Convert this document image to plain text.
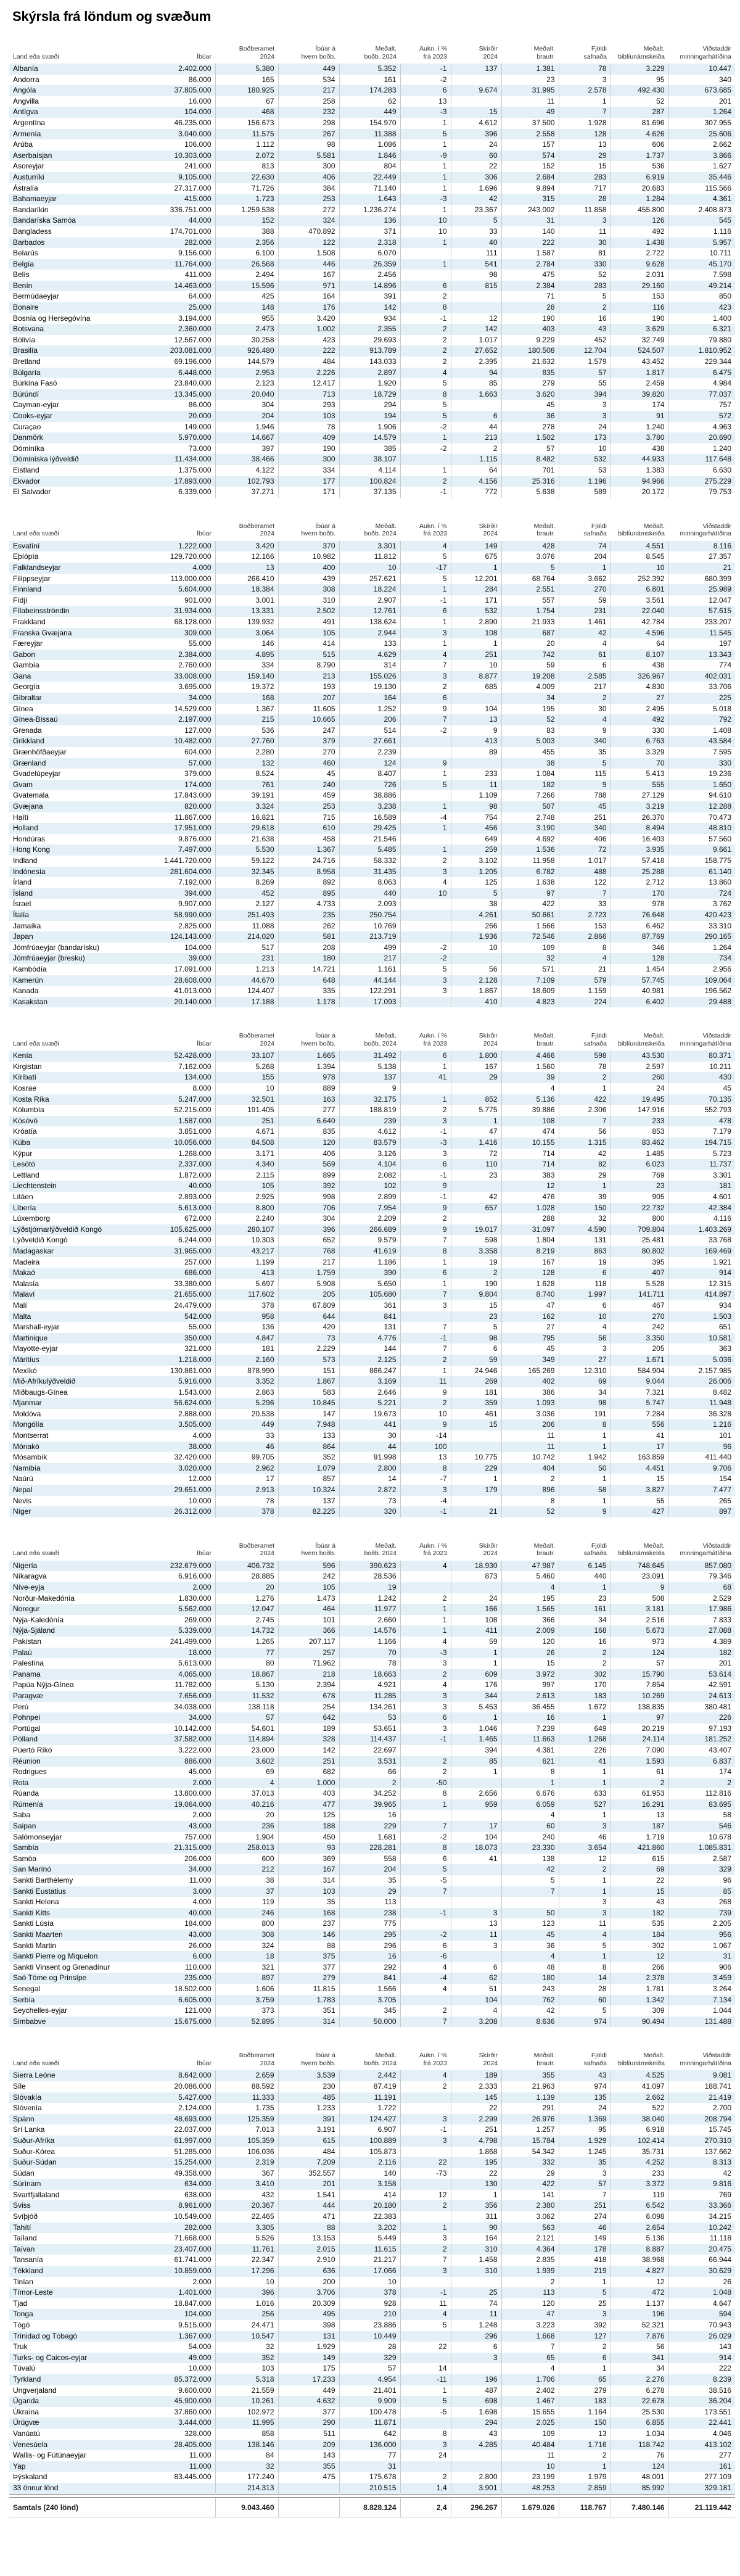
Skýrsla frá löndum og svæðum
Land eða svæði	Íbúar

Boðberamet
2024

Íbúar á
hvern boðb.

Meðalt.
boðb. 2024

Aukn. í %
frá 2023

Skírðir
2024

Meðalt.
brautr.

Fjöldi
safnaða

Meðalt.
biblíunámskeiða

Viðstaddir
minningarhátíðina

Albanía	2.402.000	5.380	449	5.352	-1	137	1.381	78	3.229	10.447
Andorra	86.000	165	534	161	-2		23	3	95	340
Angóla	37.805.000	180.925	217	174.283	6	9.674	31.995	2.578	492.430	673.685
Angvilla	16.000	67	258	62	13		11	1	52	201
Antígva	104.000	468	232	449	-3	15	49	7	287	1.264
Argentína	46.235.000	156.673	298	154.970	1	4.612	37.500	1.928	81.696	307.955
Armenía	3.040.000	11.575	267	11.388	5	396	2.558	128	4.626	25.606
Arúba	106.000	1.112	98	1.086	1	24	157	13	606	2.662
Aserbaísjan	10.303.000	2.072	5.581	1.846	-9	60	574	29	1.737	3.866
Asoreyjar	241.000	813	300	804	1	22	152	15	536	1.627
Austurríki	9.105.000	22.630	406	22.449	1	306	2.684	283	6.919	35.446
Ástralía	27.317.000	71.726	384	71.140	1	1.696	9.894	717	20.683	115.566
Bahamaeyjar	415.000	1.723	253	1.643	-3	42	315	28	1.284	4.361
Bandaríkin	336.751.000	1.259.538	272	1.236.274	1	23.367	243.002	11.858	455.800	2.408.873
Bandaríska Samóa	44.000	152	324	136	10	5	31	3	126	545
Bangladess	174.701.000	388	470.892	371	10	33	140	11	492	1.116
Barbados	282.000	2.356	122	2.318	1	40	222	30	1.438	5.957
Belarús	9.156.000	6.100	1.508	6.070		111	1.587	81	2.722	10.711
Belgía	11.764.000	26.568	446	26.359	1	541	2.784	330	9.628	45.170
Belís	411.000	2.494	167	2.456		98	475	52	2.031	7.598
Benín	14.463.000	15.596	971	14.896	6	815	2.384	283	29.160	49.214
Bermúdaeyjar	64.000	425	164	391	2		71	5	153	850
Bonaire	25.000	148	176	142	8		28	2	116	423
Bosnía og Hersegóvína	3.194.000	955	3.420	934	-1	12	190	16	190	1.400
Botsvana	2.360.000	2.473	1.002	2.355	2	142	403	43	3.629	6.321
Bólivía	12.567.000	30.258	423	29.693	2	1.017	9.229	452	32.749	79.880
Brasilía	203.081.000	926.480	222	913.789	2	27.652	180.508	12.704	524.507	1.810.952
Bretland	69.196.000	144.579	484	143.033	2	2.395	21.632	1.579	43.452	229.344
Búlgaría	6.448.000	2.953	2.226	2.897	4	94	835	57	1.817	6.475
Búrkína Fasó	23.840.000	2.123	12.417	1.920	5	85	279	55	2.459	4.984
Búrúndí	13.345.000	20.040	713	18.729	8	1.663	3.620	394	39.820	77.037
Cayman-eyjar	86.000	304	293	294	5		45	3	174	757
Cooks-eyjar	20.000	204	103	194	5	6	36	3	91	572
Curaçao	149.000	1.946	78	1.906	-2	44	278	24	1.240	4.963
Danmörk	5.970.000	14.667	409	14.579	1	213	1.502	173	3.780	20.690
Dóminíka	73.000	397	190	385	-2	2	57	10	438	1.240
Dóminíska lýðveldið	11.434.000	38.466	300	38.107		1.115	8.482	532	44.933	117.648
Eistland	1.375.000	4.122	334	4.114	1	64	701	53	1.383	6.630
Ekvador	17.893.000	102.793	177	100.824	2	4.156	25.316	1.196	94.966	275.229
El Salvador	6.339.000	37.271	171	37.135	-1	772	5.638	589	20.172	79.753
Land eða svæði	Íbúar

Boðberamet
2024

Íbúar á
hvern boðb.

Meðalt.
boðb. 2024

Aukn. í %
frá 2023

Skírðir
2024

Meðalt.
brautr.

Fjöldi
safnaða

Meðalt.
biblíunámskeiða

Viðstaddir
minningarhátíðina

Esvatíní	1.222.000	3.420	370	3.301	4	149	428	74	4.551	8.116
Eþíópía	129.720.000	12.166	10.982	11.812	5	675	3.076	204	8.545	27.357
Falklandseyjar	4.000	13	400	10	-17	1	5	1	10	21
Filippseyjar	113.000.000	266.410	439	257.621	5	12.201	68.764	3.662	252.392	680.399
Finnland	5.604.000	18.384	308	18.224	1	284	2.551	270	6.801	25.989
Fídjí	901.000	3.001	310	2.907	-1	171	557	59	3.561	12.047
Fílabeinsströndin	31.934.000	13.331	2.502	12.761	6	532	1.754	231	22.040	57.615
Frakkland	68.128.000	139.932	491	138.624	1	2.890	21.933	1.461	42.784	233.207
Franska Gvæjana	309.000	3.064	105	2.944	3	108	687	42	4.596	11.545
Færeyjar	55.000	146	414	133	1	1	20	4	64	197
Gabon	2.384.000	4.895	515	4.629	4	251	742	61	8.107	13.343
Gambía	2.760.000	334	8.790	314	7	10	59	6	438	774
Gana	33.008.000	159.140	213	155.026	3	8.877	19.208	2.585	326.967	402.031
Georgía	3.695.000	19.372	193	19.130	2	685	4.009	217	4.830	33.706
Gíbraltar	34.000	168	207	164	6		34	2	27	225
Gínea	14.529.000	1.367	11.605	1.252	9	104	195	30	2.495	5.018
Gínea-Bissaú	2.197.000	215	10.665	206	7	13	52	4	492	792
Grenada	127.000	536	247	514	-2	9	83	9	330	1.408
Grikkland	10.482.000	27.760	379	27.661		413	5.003	340	6.763	43.584
Grænhöfðaeyjar	604.000	2.280	270	2.239		89	455	35	3.329	7.595
Grænland	57.000	132	460	124	9		38	5	70	330
Gvadelúpeyjar	379.000	8.524	45	8.407	1	233	1.084	115	5.413	19.236
Gvam	174.000	761	240	726	5	11	182	9	555	1.650
Gvatemala	17.843.000	39.191	459	38.886		1.109	7.266	788	27.129	94.610
Gvæjana	820.000	3.324	253	3.238	1	98	507	45	3.219	12.288
Haítí	11.867.000	16.821	715	16.589	-4	754	2.748	251	26.370	70.473
Holland	17.951.000	29.618	610	29.425	1	456	3.190	340	8.494	48.810
Hondúras	9.876.000	21.638	458	21.546		649	4.692	406	16.403	57.560
Hong Kong	7.497.000	5.530	1.367	5.485	1	259	1.536	72	3.935	9.661
Indland	1.441.720.000	59.122	24.716	58.332	2	3.102	11.958	1.017	57.418	158.775
Indónesía	281.604.000	32.345	8.958	31.435	3	1.205	6.782	488	25.288	61.140
Írland	7.192.000	8.269	892	8.063	4	125	1.638	122	2.712	13.860
Ísland	394.000	452	895	440	10	5	97	7	170	724
Ísrael	9.907.000	2.127	4.733	2.093		38	422	33	978	3.762
Ítalía	58.990.000	251.493	235	250.754		4.261	50.661	2.723	76.648	420.423
Jamaíka	2.825.000	11.088	262	10.769		266	1.566	153	6.462	33.310
Japan	124.143.000	214.020	581	213.719		1.936	72.546	2.866	87.769	290.165
Jómfrúaeyjar (bandarísku)	104.000	517	208	499	-2	10	109	8	346	1.264
Jómfrúaeyjar (bresku)	39.000	231	180	217	-2		32	4	128	734
Kambódía	17.091.000	1.213	14.721	1.161	5	56	571	21	1.454	2.956
Kamerún	28.608.000	44.670	648	44.144	3	2.128	7.109	579	57.745	109.064
Kanada	41.013.000	124.407	335	122.291	3	1.867	18.609	1.159	40.981	196.562
Kasakstan	20.140.000	17.188	1.178	17.093		410	4.823	224	6.402	29.488
Land eða svæði	Íbúar

Boðberamet
2024

Íbúar á
hvern boðb.

Meðalt.
boðb. 2024

Aukn. í %
frá 2023

Skírðir
2024

Meðalt.
brautr.

Fjöldi
safnaða

Meðalt.
biblíunámskeiða

Viðstaddir
minningarhátíðina

Kenía	52.428.000	33.107	1.665	31.492	6	1.800	4.466	598	43.530	80.371
Kirgistan	7.162.000	5.268	1.394	5.138	1	167	1.560	78	2.597	10.211
Kíribatí	134.000	155	978	137	41	29	39	2	260	430
Kosrae	8.000	10	889	9			4	1	24	45
Kosta Ríka	5.247.000	32.501	163	32.175	1	852	5.136	422	19.495	70.135
Kólumbía	52.215.000	191.405	277	188.819	2	5.775	39.886	2.306	147.916	552.793
Kósóvó	1.587.000	251	6.640	239	3	1	108	7	233	478
Króatía	3.851.000	4.671	835	4.612	-1	47	474	56	853	7.179
Kúba	10.056.000	84.508	120	83.579	-3	1.416	10.155	1.315	83.462	194.715
Kýpur	1.268.000	3.171	406	3.126	3	72	714	42	1.485	5.723
Lesótó	2.337.000	4.340	569	4.104	6	110	714	82	6.023	11.737
Lettland	1.872.000	2.115	899	2.082	-1	23	383	29	769	3.301
Liechtenstein	40.000	105	392	102	9		12	1	23	181
Litáen	2.893.000	2.925	998	2.899	-1	42	476	39	905	4.601
Líbería	5.613.000	8.800	706	7.954	9	657	1.028	150	22.732	42.384
Lúxemborg	672.000	2.240	304	2.209	2		288	32	800	4.116
Lýðstjórnarlýðveldið Kongó	105.625.000	280.107	396	266.689	9	19.017	31.097	4.590	709.804	1.403.269
Lýðveldið Kongó	6.244.000	10.303	652	9.579	7	598	1.804	131	25.481	33.768
Madagaskar	31.965.000	43.217	768	41.619	8	3.358	8.219	863	80.802	169.469
Madeira	257.000	1.199	217	1.186	1	19	167	19	395	1.921
Makaó	686.000	413	1.759	390	6	2	128	6	407	914
Malasía	33.380.000	5.697	5.908	5.650	1	190	1.628	118	5.528	12.315
Malaví	21.655.000	117.602	205	105.680	7	9.804	8.740	1.997	141.711	414.897
Malí	24.479.000	378	67.809	361	3	15	47	6	467	934
Malta	542.000	958	644	841		23	162	10	270	1.503
Marshall-eyjar	55.000	136	420	131	7	5	27	4	242	651
Martinique	350.000	4.847	73	4.776	-1	98	795	56	3.350	10.581
Mayotte-eyjar	321.000	181	2.229	144	7	6	45	3	205	363
Máritíus	1.218.000	2.160	573	2.125	2	59	349	27	1.671	5.036
Mexíkó	130.861.000	878.990	151	866.247	1	24.946	165.269	12.310	584.904	2.157.985
Mið-Afríkulýðveldið	5.916.000	3.352	1.867	3.169	11	269	402	69	9.044	26.006
Miðbaugs-Gínea	1.543.000	2.863	583	2.646	9	181	386	34	7.321	8.482
Mjanmar	56.624.000	5.296	10.845	5.221	2	359	1.093	98	5.747	11.948
Moldóva	2.888.000	20.538	147	19.673	10	461	3.036	191	7.284	36.328
Mongólía	3.505.000	449	7.948	441	9	15	206	8	556	1.216
Montserrat	4.000	33	133	30	-14		11	1	41	101
Mónakó	38.000	46	864	44	100		11	1	17	96
Mósambík	32.420.000	99.705	352	91.998	13	10.775	10.742	1.942	163.859	411.440
Namibía	3.020.000	2.962	1.079	2.800	8	229	404	50	4.451	9.706
Naúrú	12.000	17	857	14	-7	1	2	1	15	154
Nepal	29.651.000	2.913	10.324	2.872	3	179	896	58	3.827	7.477
Nevis	10.000	78	137	73	-4		8	1	55	265
Níger	26.312.000	378	82.225	320	-1	21	52	9	427	897
Land eða svæði	Íbúar

Boðberamet
2024

Íbúar á
hvern boðb.

Meðalt.
boðb. 2024

Aukn. í %
frá 2023

Skírðir
2024

Meðalt.
brautr.

Fjöldi
safnaða

Meðalt.
biblíunámskeiða

Viðstaddir
minningarhátíðina

Nígería	232.679.000	406.732	596	390.623	4	18.930	47.987	6.145	748.645	857.080
Níkaragva	6.916.000	28.885	242	28.536		873	5.460	440	23.091	79.346
Níve-eyja	2.000	20	105	19			4	1	9	68
Norður-Makedónía	1.830.000	1.276	1.473	1.242	2	24	195	23	508	2.529
Noregur	5.562.000	12.047	464	11.977	1	166	1.565	161	3.181	17.986
Nýja-Kaledónía	269.000	2.745	101	2.660	1	108	366	34	2.516	7.833
Nýja-Sjáland	5.339.000	14.732	366	14.576	1	411	2.009	168	5.673	27.088
Pakistan	241.499.000	1.265	207.117	1.166	4	59	120	16	973	4.389
Palaú	18.000	77	257	70	-3	1	26	2	124	182
Palestína	5.613.000	80	71.962	78	3	1	15	2	57	201
Panama	4.065.000	18.867	218	18.663	2	609	3.972	302	15.790	53.614
Papúa Nýja-Gínea	11.782.000	5.130	2.394	4.921	4	176	997	170	7.854	42.591
Paragvæ	7.656.000	11.532	678	11.285	3	344	2.613	183	10.269	24.613
Perú	34.038.000	138.118	254	134.261	3	5.453	36.455	1.672	138.835	380.481
Pohnpei	34.000	57	642	53	6	1	16	1	97	226
Portúgal	10.142.000	54.601	189	53.651	3	1.046	7.239	649	20.219	97.193
Pólland	37.582.000	114.894	328	114.437	-1	1.465	11.663	1.268	24.114	181.252
Púertó Ríkó	3.222.000	23.000	142	22.697		394	4.381	226	7.090	43.407
Réunion	886.000	3.602	251	3.531	2	85	621	41	1.593	6.837
Rodrigues	45.000	69	682	66	2	1	8	1	61	174
Rota	2.000	4	1.000	2	-50		1	1	2	2
Rúanda	13.800.000	37.013	403	34.252	8	2.656	6.676	633	61.953	112.816
Rúmenía	19.064.000	40.216	477	39.965	1	959	6.059	527	16.291	83.695
Saba	2.000	20	125	16			4	1	13	58
Saipan	43.000	236	188	229	7	17	60	3	187	546
Salómonseyjar	757.000	1.904	450	1.681	-2	104	240	46	1.719	10.678
Sambía	21.315.000	258.013	93	228.281	8	18.073	23.330	3.654	421.860	1.085.831
Samóa	206.000	600	369	558	6	41	138	12	615	2.587
San Marínó	34.000	212	167	204	5		42	2	69	329
Sankti Barthélemy	11.000	38	314	35	-5		5	1	22	96
Sankti Eustatius	3.000	37	103	29	7		7	1	15	85
Sankti Helena	4.000	119	35	113				3	43	268
Sankti Kitts	40.000	246	168	238	-1	3	50	3	182	739
Sankti Lúsía	184.000	800	237	775		13	123	11	535	2.205
Sankti Maarten	43.000	308	146	295	-2	11	45	4	184	956
Sankti Martin	26.000	324	88	296	6	3	36	5	302	1.067
Sankti Pierre og Miquelon	6.000	18	375	16	-6		4	1	12	31
Sankti Vinsent og Grenadínur	110.000	321	377	292	4	6	48	8	266	906
Saó Tóme og Prinsípe	235.000	897	279	841	-4	62	180	14	2.378	3.459
Senegal	18.502.000	1.606	11.815	1.566	4	51	243	28	1.781	3.264
Serbía	6.605.000	3.759	1.783	3.705		104	762	60	1.342	7.134
Seychelles-eyjar	121.000	373	351	345	2	4	42	5	309	1.044
Simbabve	15.675.000	52.895	314	50.000	7	3.208	8.636	974	90.494	131.488
Land eða svæði	Íbúar

Boðberamet
2024

Íbúar á
hvern boðb.

Meðalt.
boðb. 2024

Aukn. í %
frá 2023

Skírðir
2024

Meðalt.
brautr.

Fjöldi
safnaða

Meðalt.
biblíunámskeiða

Viðstaddir
minningarhátíðina

Sierra Leóne	8.642.000	2.659	3.539	2.442	4	189	355	43	4.525	9.081
Síle	20.086.000	88.592	230	87.419	2	2.333	21.963	974	41.097	188.741
Slóvakía	5.427.000	11.333	485	11.191		145	1.139	135	2.662	21.419
Slóvenía	2.124.000	1.735	1.233	1.722		22	291	24	522	2.700
Spánn	48.693.000	125.359	391	124.427	3	2.299	26.976	1.369	38.040	208.794
Srí Lanka	22.037.000	7.013	3.191	6.907	-1	251	1.257	95	6.918	15.745
Suður-Afríka	61.997.000	105.359	615	100.889	3	4.798	15.784	1.929	102.414	270.310
Suður-Kórea	51.285.000	106.036	484	105.873		1.868	54.342	1.245	35.731	137.662
Suður-Súdan	15.254.000	2.319	7.209	2.116	22	195	332	35	4.252	8.313
Súdan	49.358.000	367	352.557	140	-73	22	29	3	233	42
Súrínam	634.000	3.410	201	3.158		130	422	57	3.372	9.816
Svartfjallaland	638.000	432	1.541	414	12	1	141	7	119	769
Sviss	8.961.000	20.367	444	20.180	2	356	2.380	251	6.542	33.366
Svíþjóð	10.549.000	22.465	471	22.383		311	3.062	274	6.098	34.215
Tahítí	282.000	3.305	88	3.202	1	90	563	46	2.654	10.242
Taíland	71.668.000	5.526	13.153	5.449	3	164	2.121	149	5.136	11.118
Taívan	23.407.000	11.761	2.015	11.615	2	310	4.364	178	8.887	20.475
Tansanía	61.741.000	22.347	2.910	21.217	7	1.458	2.835	418	38.968	66.944
Tékkland	10.859.000	17.296	636	17.066	3	310	1.939	219	4.827	30.629
Tinían	2.000	10	200	10			2	1	12	26
Tímor-Leste	1.401.000	396	3.706	378	-1	25	113	5	472	1.048
Tjad	18.847.000	1.016	20.309	928	11	74	120	25	1.137	4.647
Tonga	104.000	256	495	210	4	11	47	3	196	594
Tógó	9.515.000	24.471	398	23.886	5	1.248	3.223	392	52.321	70.943
Trínidad og Tóbagó	1.367.000	10.547	131	10.449		296	1.668	127	7.876	26.029
Truk	54.000	32	1.929	28	22	6	7	2	56	143
Turks- og Caicos-eyjar	49.000	352	149	329		3	65	6	341	914
Túvalú	10.000	103	175	57	14		4	1	34	222
Tyrkland	85.372.000	5.318	17.233	4.954	-11	196	1.706	65	2.276	8.239
Ungverjaland	9.600.000	21.559	449	21.401	1	487	2.402	279	6.278	38.516
Úganda	45.900.000	10.261	4.632	9.909	5	698	1.467	183	22.678	36.204
Úkraína	37.860.000	102.972	377	100.478	-5	1.698	15.655	1.164	25.530	173.551
Úrúgvæ	3.444.000	11.995	290	11.871		294	2.025	150	6.855	22.441
Vanúatú	328.000	858	511	642	8	43	109	13	1.034	4.046
Venesúela	28.405.000	138.146	209	136.000	3	4.285	40.484	1.716	118.742	413.102
Wallis- og Fútúnaeyjar	11.000	84	143	77	24		11	2	76	277
Yap	11.000	32	355	31			10	1	124	161
Þýskaland	83.445.000	177.240	475	175.678	2	2.800	23.199	1.979	48.001	277.109
33 önnur lönd		214.313		210.515	1,4	3.901	48.253	2.859	85.992	329.181

Samtals (240 lönd)		9.043.460		8.828.124	2,4	296.267	1.679.026	118.767	7.480.146	21.119.442
